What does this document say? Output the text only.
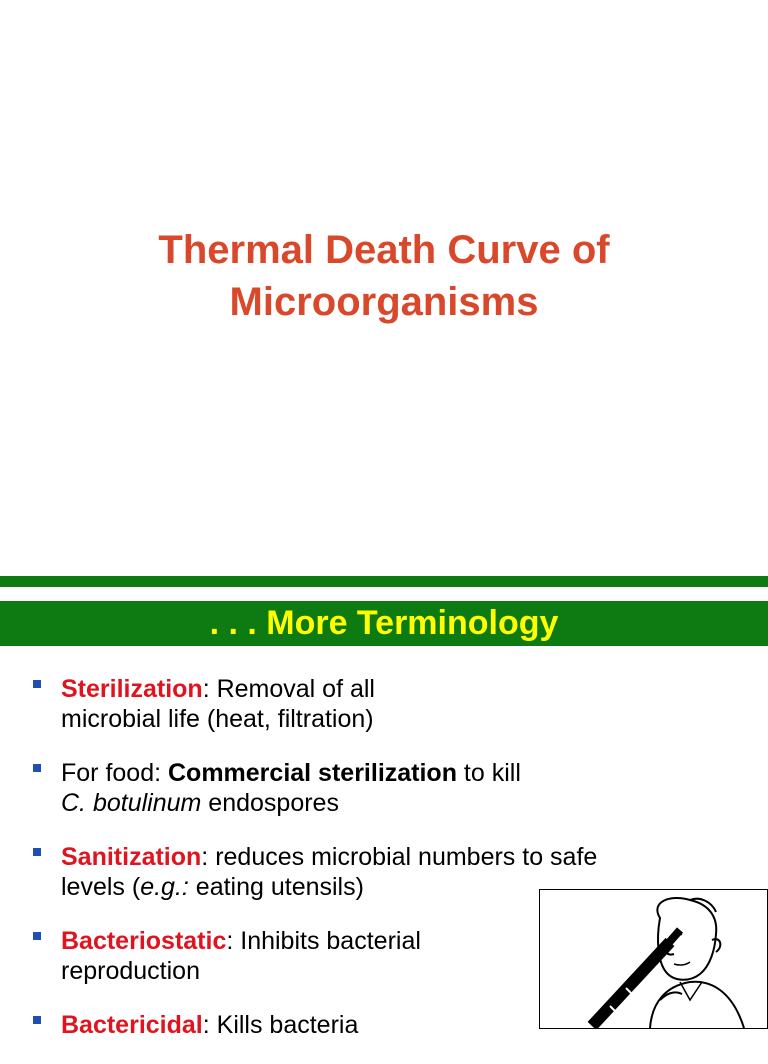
Thermal Death Curve of
Microorganisms
. . . More Terminology
Sterilization: Removal of all
microbial life (heat, filtration)
For food: Commercial sterilization to kill
C. botulinum endospores
Sanitization: reduces microbial numbers to safe
levels (e.g.: eating utensils)
Bacteriostatic: Inhibits bacterial
reproduction
Bactericidal: Kills bacteria
